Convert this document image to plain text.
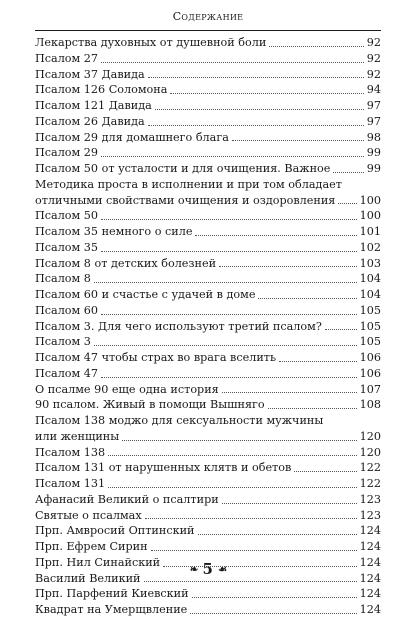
Содержание
Лекарства духовных от душевной боли	92
Псалом 27	92
Псалом 37 Давида	92
Псалом 126 Соломона	94
Псалом 121 Давида	97
Псалом 26 Давида	97
Псалом 29 для домашнего блага	98
Псалом 29	99
Псалом 50 от усталости и для очищения. Важное	99
Методика проста в исполнении и при том обладает
отличными свойствами очищения и оздоровления 100
Псалом 50	100
Псалом 35 немного о силе	101
Псалом 35	102
Псалом 8 от детских болезней	103
Псалом 8	104
Псалом 60 и счастье с удачей в доме	104
Псалом 60	105
Псалом 3. Для чего используют третий псалом?	105
Псалом 3	105
Псалом 47 чтобы страх во врага вселить	106
Псалом 47	106
О псалме 90 еще одна история	107
90 псалом. Живый в помощи Вышняго	108
Псалом 138 моджо для сексуальности мужчины
или женщины	120
Псалом 138	120
Псалом 131 от нарушенных клятв и обетов	122
Псалом 131	122
Афанасий Великий о псалтири	123
Святые о псалмах	123
Прп. Амвросий Оптинский	124
Прп. Ефрем Сирин	124
Прп. Нил Синайский	124
Василий Великий	124
Прп. Парфений Киевский	124
Квадрат на Умерщвление	124
❧ 5 ☙
